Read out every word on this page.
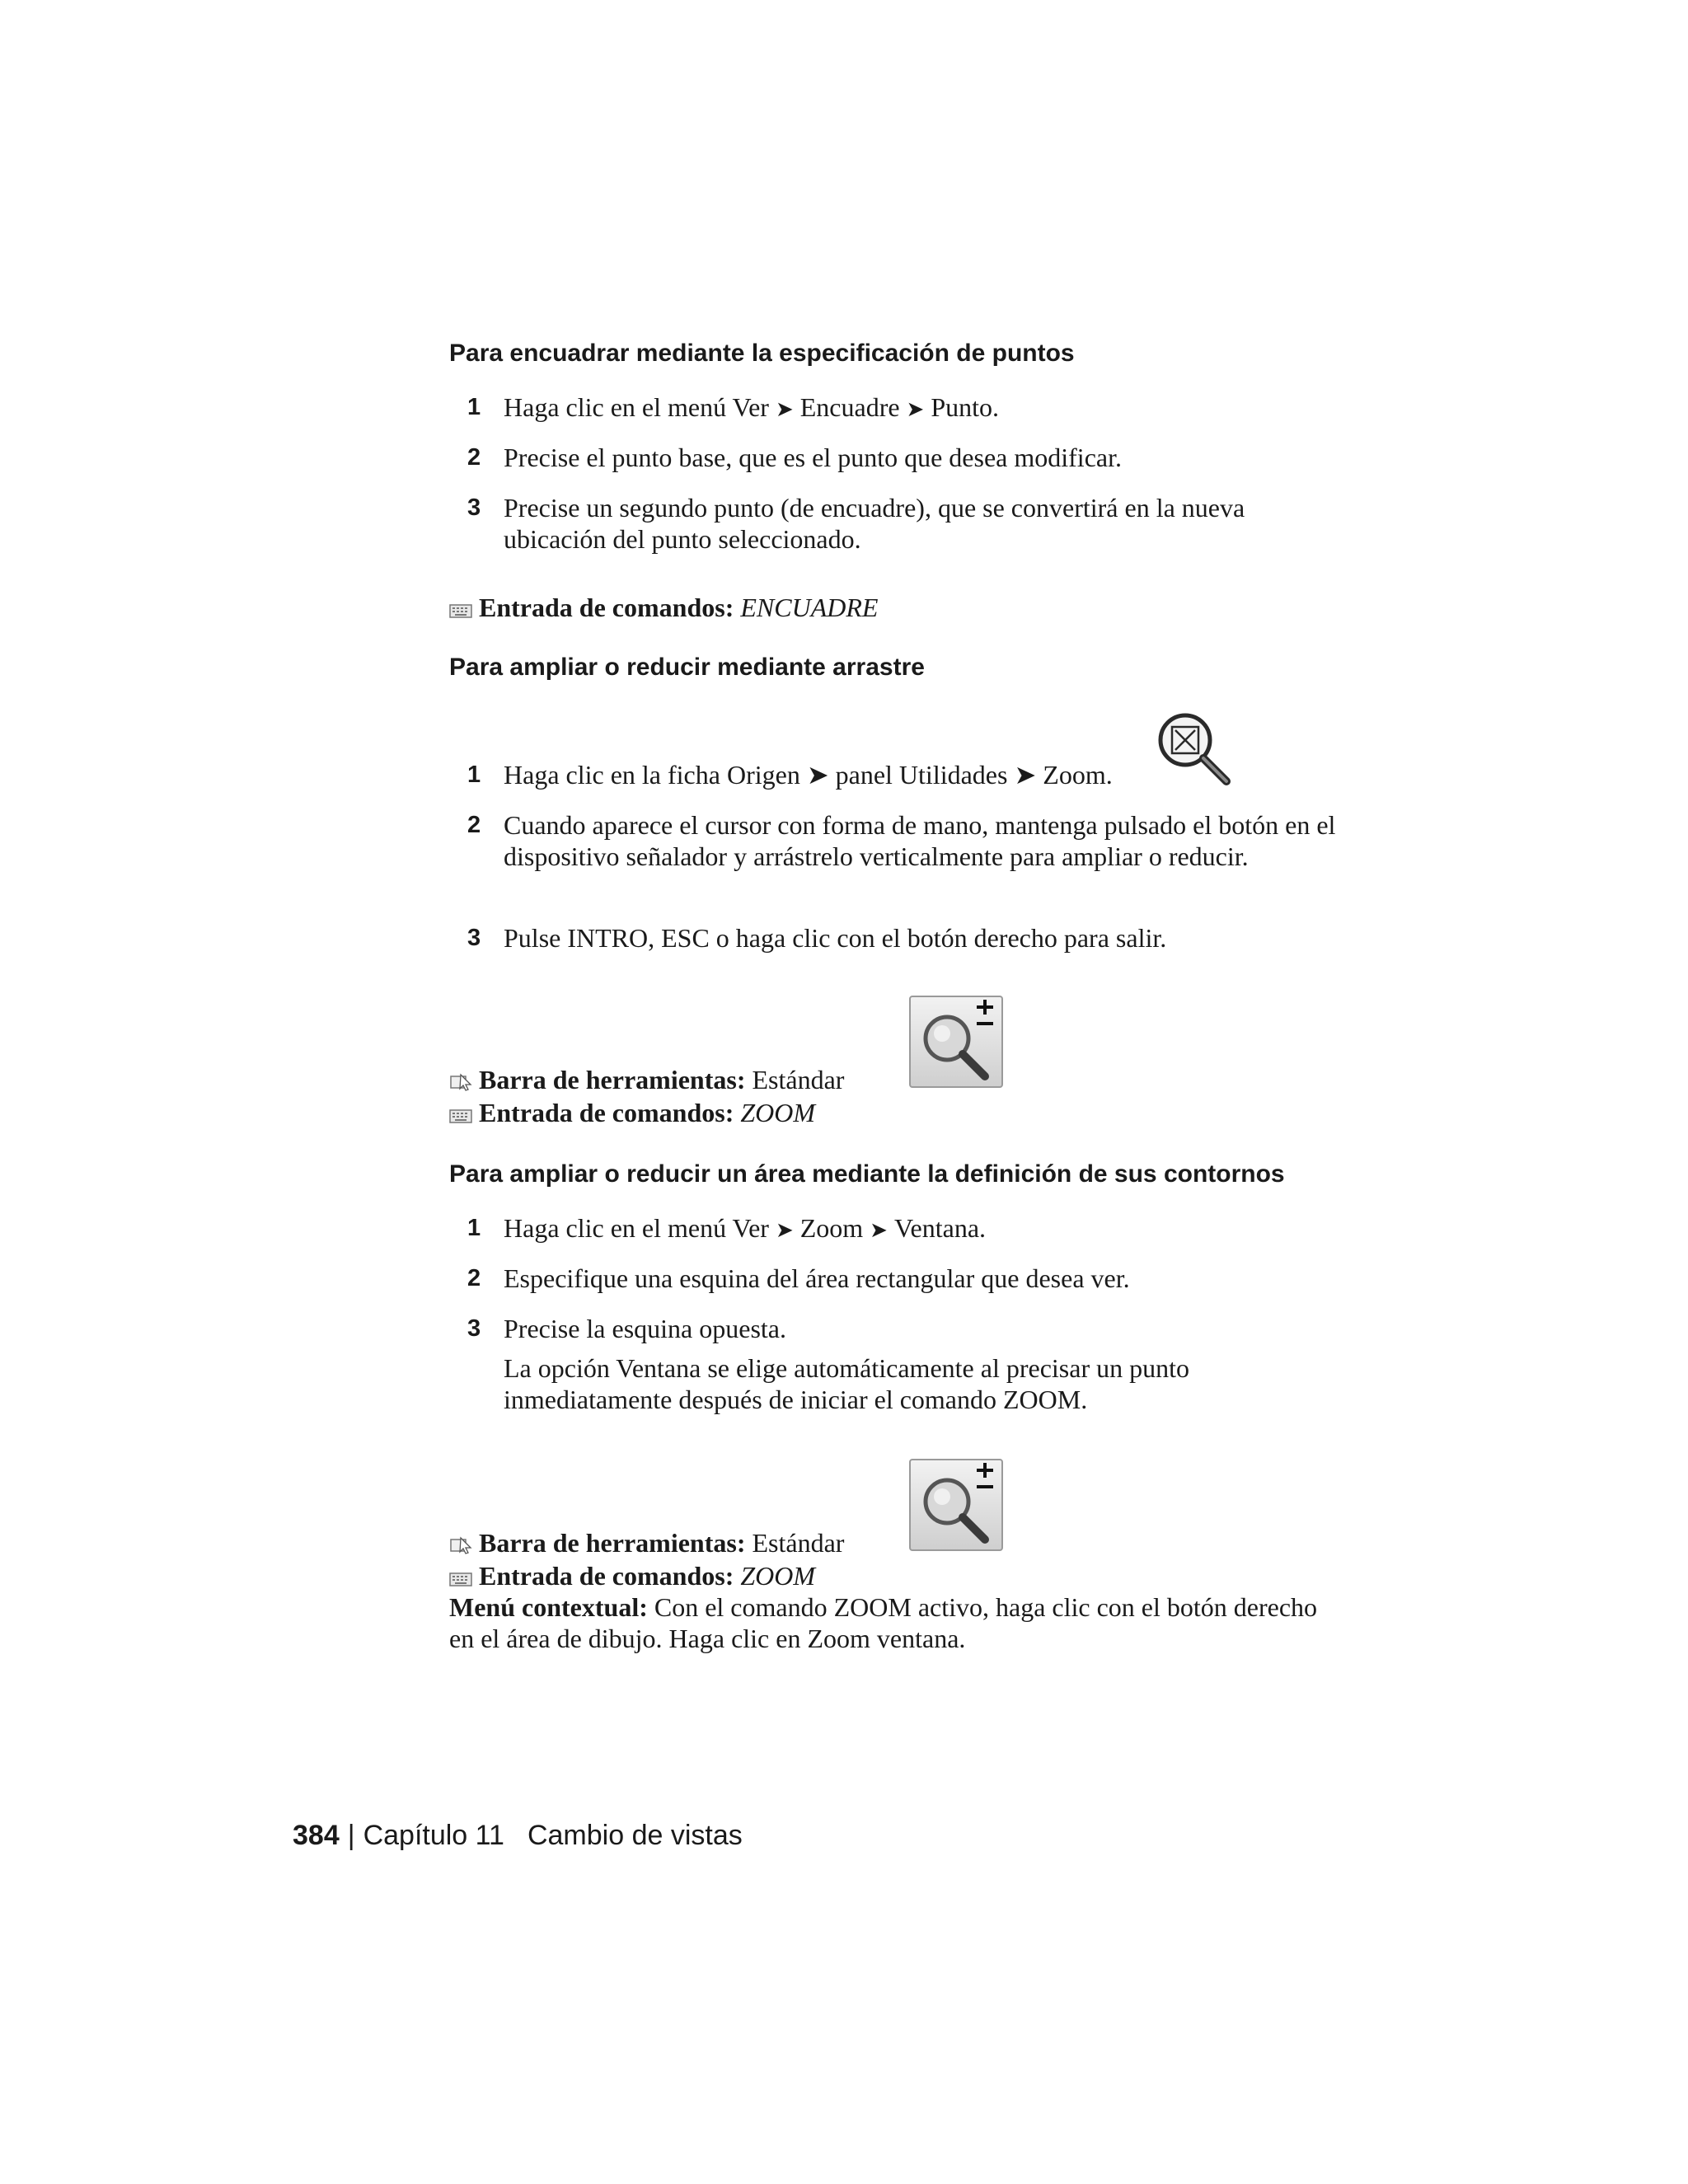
Para encuadrar mediante la especificación de puntos
1 Haga clic en el menú Ver ➤ Encuadre ➤ Punto.
2 Precise el punto base, que es el punto que desea modificar.
3 Precise un segundo punto (de encuadre), que se convertirá en la nueva ubicación del punto seleccionado.
Entrada de comandos: ENCUADRE
Para ampliar o reducir mediante arrastre
1 Haga clic en la ficha Origen ➤ panel Utilidades ➤ Zoom.
2 Cuando aparece el cursor con forma de mano, mantenga pulsado el botón en el dispositivo señalador y arrástrelo verticalmente para ampliar o reducir.
3 Pulse INTRO, ESC o haga clic con el botón derecho para salir.
Barra de herramientas: Estándar
Entrada de comandos: ZOOM
Para ampliar o reducir un área mediante la definición de sus contornos
1 Haga clic en el menú Ver ➤ Zoom ➤ Ventana.
2 Especifique una esquina del área rectangular que desea ver.
3 Precise la esquina opuesta.
La opción Ventana se elige automáticamente al precisar un punto inmediatamente después de iniciar el comando ZOOM.
Barra de herramientas: Estándar
Entrada de comandos: ZOOM
Menú contextual: Con el comando ZOOM activo, haga clic con el botón derecho en el área de dibujo. Haga clic en Zoom ventana.
384 | Capítulo 11 Cambio de vistas
